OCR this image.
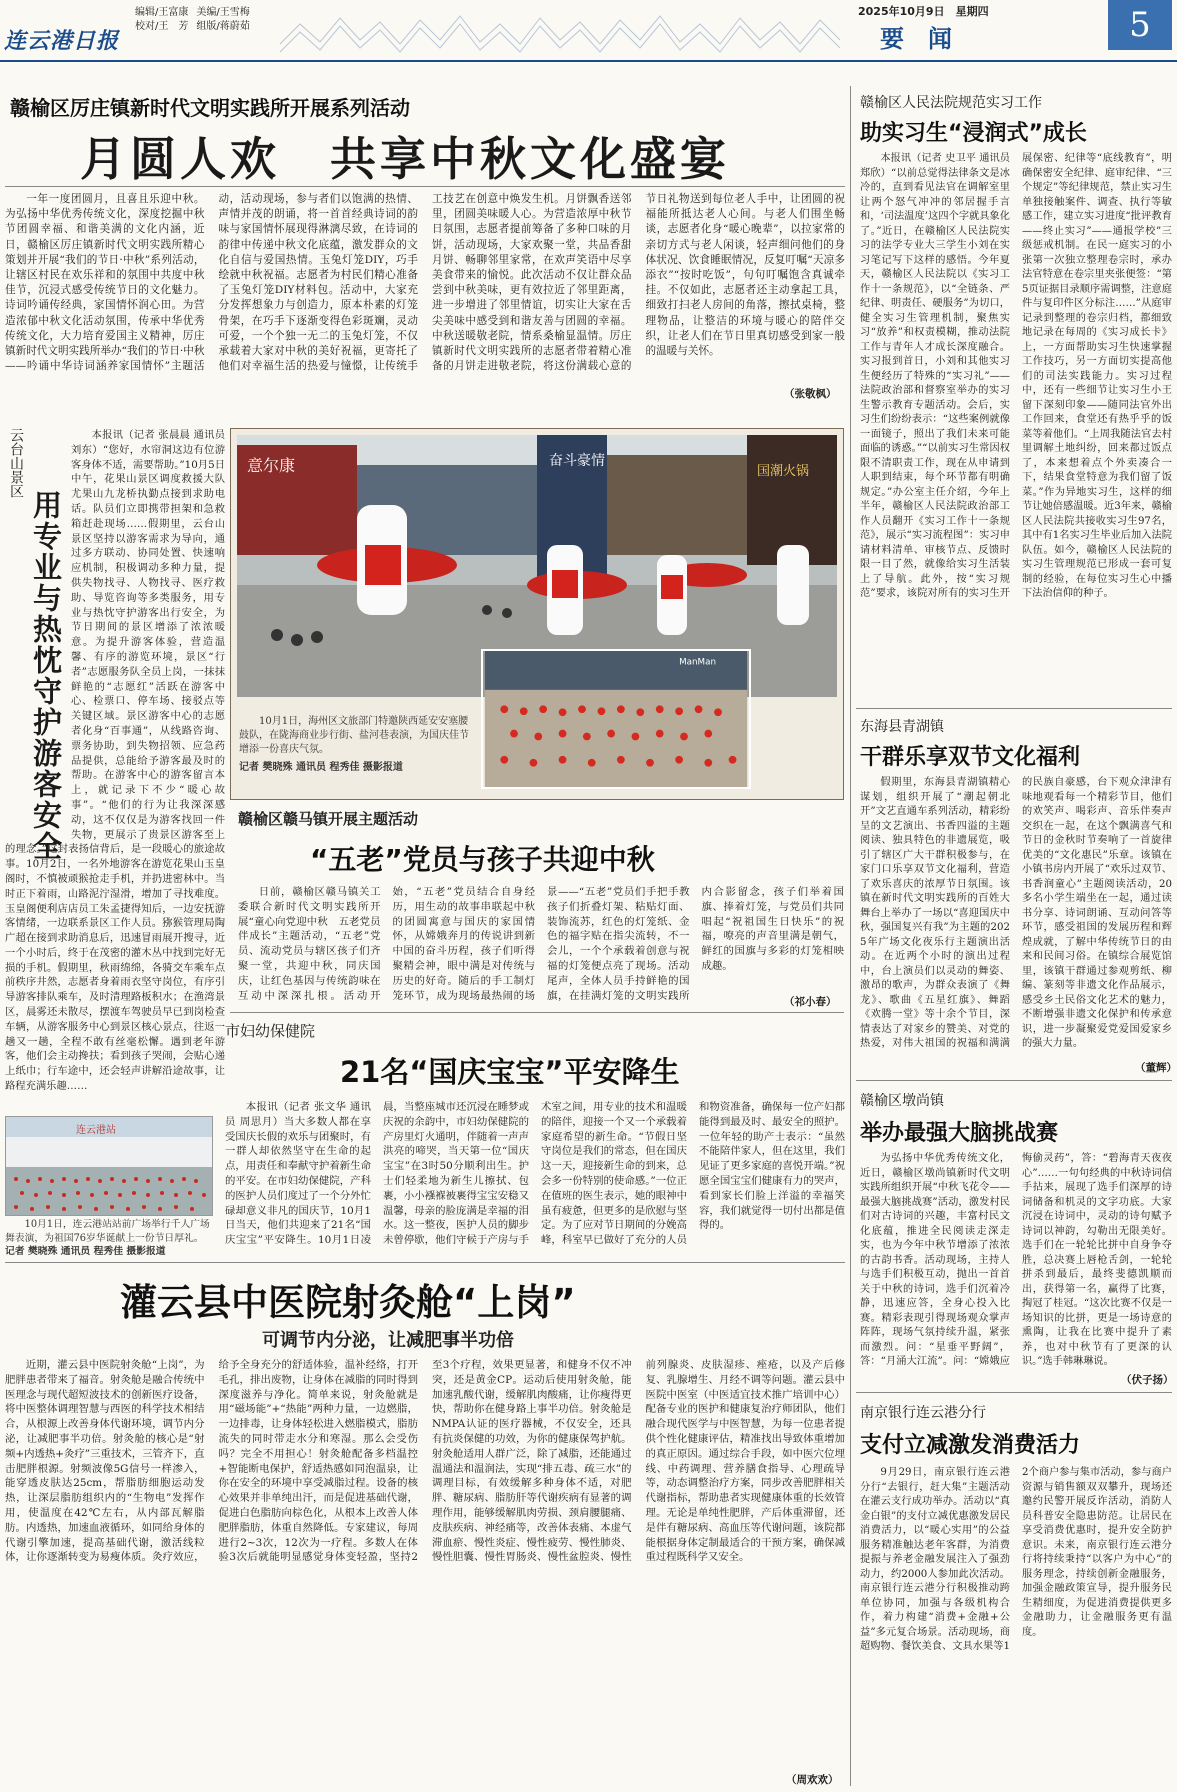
连云港日报
编辑/王富康 美编/王雪梅
校对/王　芳 组版/蒋蔚茹
2025年10月9日　星期四
要　闻	5
赣榆区厉庄镇新时代文明实践所开展系列活动
月圆人欢　共享中秋文化盛宴

一年一度团圆月，且喜且乐迎中秋。为弘扬中华优秀传统文化，深度挖掘中秋节团圆幸福、和谐美满的文化内涵，近日，赣榆区厉庄镇新时代文明实践所精心策划并开展“我们的节日·中秋”系列活动，让辖区村民在欢乐祥和的氛围中共度中秋佳节，沉浸式感受传统节日的文化魅力。诗词吟诵传经典，家国情怀润心田。为营造浓郁中秋文化活动氛围，传承中华优秀传统文化，大力培育爱国主义精神，厉庄镇新时代文明实践所举办“我们的节日·中秋——吟诵中华诗词涵养家国情怀”主题活动，活动现场，参与者们以饱满的热情、声情并茂的朗诵，将一首首经典诗词的韵味与家国情怀展现得淋漓尽致，在诗词的韵律中传递中秋文化底蕴，激发群众的文化自信与爱国热情。玉兔灯笼DIY，巧手绘就中秋祝福。志愿者为村民们精心准备了玉兔灯笼DIY材料包。活动中，大家充分发挥想象力与创造力，原本朴素的灯笼骨架，在巧手下逐渐变得色彩斑斓，灵动可爱，一个个独一无二的玉兔灯笼，不仅承载着大家对中秋的美好祝福，更寄托了他们对幸福生活的热爱与憧憬，让传统手工技艺在创意中焕发生机。月饼飘香送邻里，团圆美味暖人心。为营造浓厚中秋节日氛围，志愿者提前筹备了多种口味的月饼，活动现场，大家欢聚一堂，共品香甜月饼、畅聊邻里家常，在欢声笑语中尽享美食带来的愉悦。此次活动不仅让群众品尝到中秋美味，更有效拉近了邻里距离，进一步增进了邻里情谊，切实让大家在舌尖美味中感受到和谐友善与团圆的幸福。中秋送暖敬老院，情系桑榆显温情。厉庄镇新时代文明实践所的志愿者带着精心准备的月饼走进敬老院，将这份满载心意的节日礼物送到每位老人手中，让团圆的祝福能所抵达老人心间。与老人们围坐畅谈，志愿者化身“暖心晚辈”，以拉家常的亲切方式与老人闲谈，轻声细问他们的身体状况、饮食睡眠情况，反复叮嘱“天凉多添衣”“按时吃饭”，句句叮嘱饱含真诚牵挂。不仅如此，志愿者还主动拿起工具，细致打扫老人房间的角落，擦拭桌椅，整理物品，让整洁的环境与暖心的陪伴交织，让老人们在节日里真切感受到家一般的温暖与关怀。

（张敬枫）
云台山景区
用专业与热忱守护游客安全

本报讯（记者 张晨晨 通讯员 刘东）“您好，水帘洞这边有位游客身体不适，需要帮助。”10月5日中午，花果山景区调度救援大队尤果山九龙桥执勤点接到求助电话。队员们立即携带担架和急救箱赶赴现场……假期里，云台山景区坚持以游客需求为导向，通过多方联动、协同处置、快速响应机制，积极调动多种力量，提供失物找寻、人物找寻、医疗救助、导览咨询等多类服务，用专业与热忱守护游客出行安全，为节日期间的景区增添了浓浓暖意。为提升游客体验，营造温馨、有序的游览环境，景区“行者”志愿服务队全员上岗，一抹抹鲜艳的“志愿红”活跃在游客中心、检票口、停车场、接驳点等关键区域。景区游客中心的志愿者化身“百事通”，从线路咨询、票务协助，到失物招领、应急药品提供，总能给予游客最及时的帮助。在游客中心的游客留言本上，就记录下不少“暖心故事”。“他们的行为让我深深感动，这不仅仅是为游客找回一件失物，更展示了贵景区游客至上的理念。”这封表扬信背后，是一段暖心的旅途故事。10月2日，一名外地游客在游览花果山玉皇阁时，不慎被顽猴抢走手机，并扔进密林中。当时正下着雨，山路泥泞湿滑，增加了寻找难度。玉皇阁便利店店员工朱孟捷得知后，一边安抚游客情绪，一边联系景区工作人员。猕猴管理局陶广超在接到求助消息后，迅速冒雨展开搜寻，近一个小时后，终于在茂密的灌木丛中找到完好无损的手机。假期里，秋雨绵绵，各骑交车乘车点前秩序井然，志愿者身着雨衣坚守岗位，有序引导游客排队乘车，及时清理路板积水；在渔湾景区，晨雾还未散尽，摆渡车驾驶员早已到岗检查车辆，从游客服务中心到景区核心景点，往返一趟又一趟，全程不敢有丝毫松懈。遇到老年游客，他们会主动搀扶；看到孩子哭闹，会贴心递上纸巾；行车途中，还会轻声讲解沿途故事，让路程充满乐趣……

意尔康	奋斗豪情
国潮火锅
ManMan

10月1日，海州区文旅部门特邀陕西延安安塞腰鼓队，在陇海商业步行街、盐河巷表演，为国庆佳节增添一份喜庆气氛。

记者 樊晓殊 通讯员 程秀佳 摄影报道

赣榆区赣马镇开展主题活动
“五老”党员与孩子共迎中秋

日前，赣榆区赣马镇关工委联合新时代文明实践所开展“童心向党迎中秋　五老党员伴成长”主题活动，“五老”党员、流动党员与辖区孩子们齐聚一堂，共迎中秋，同庆国庆，让红色基因与传统韵味在互动中深深扎根。活动开始，“五老”党员结合自身经历，用生动的故事串联起中秋的团圆寓意与国庆的家国情怀，从嫦娥奔月的传说讲到新中国的奋斗历程，孩子们听得聚精会神，眼中满是对传统与历史的好奇。随后的手工制灯笼环节，成为现场最热闹的场景——“五老”党员们手把手教孩子们折叠灯架、粘贴灯面、装饰流苏，红色的灯笼纸、金色的福字贴在指尖流转，不一会儿，一个个承载着创意与祝福的灯笼便点亮了现场。活动尾声，全体人员手持鲜艳的国旗，在挂满灯笼的文明实践所内合影留念，孩子们举着国旗、捧着灯笼，与党员们共同唱起“祝祖国生日快乐”的祝福，嘹亮的声音里满是朝气，鲜红的国旗与多彩的灯笼相映成趣。

（祁小春）
市妇幼保健院
21名“国庆宝宝”平安降生

本报讯（记者 张文华 通讯员 周思月）当大多数人都在享受国庆长假的欢乐与团聚时，有一群人却依然坚守在生命的起点，用责任和奉献守护着新生命的平安。在市妇幼保健院，产科的医护人员们度过了一个分外忙碌却意义非凡的国庆节，10月1日当天，他们共迎来了21名“国庆宝宝”平安降生。10月1日凌晨，当整座城市还沉浸在睡梦或庆祝的余韵中，市妇幼保健院的产房里灯火通明，伴随着一声声洪亮的啼哭，当天第一位“国庆宝宝”在3时50分顺利出生。护士们轻柔地为新生儿擦拭、包裹，小小襁褓被裹得宝宝安稳又温馨，母亲的脸庞满是幸福的泪水。这一整夜，医护人员的脚步未曾停歇，他们守候于产房与手术室之间，用专业的技术和温暖的陪伴，迎接一个又一个承载着家庭希望的新生命。“节假日坚守岗位是我们的常态，但在国庆这一天，迎接新生命的到来，总会多一份特别的使命感。”一位正在值班的医生表示，她的眼神中虽有疲惫，但更多的是欣慰与坚定。为了应对节日期间的分娩高峰，科室早已做好了充分的人员和物资准备，确保每一位产妇都能得到最及时、最安全的照护。一位年轻的助产士表示：“虽然不能陪伴家人，但在这里，我们见证了更多家庭的喜悦开端。”祝愿全国宝宝们健康有力的哭声，看到家长们脸上洋溢的幸福笑容，我们就觉得一切付出都是值得的。

连云港站

10月1日，连云港站站前广场举行千人广场舞表演，为祖国76岁华诞献上一份节日厚礼。

记者 樊晓殊 通讯员 程秀佳 摄影报道

灌云县中医院射灸舱“上岗”
可调节内分泌，让减肥事半功倍

近期，灌云县中医院射灸舱“上岗”，为肥胖患者带来了福音。射灸舱是融合传统中医理念与现代超短波技术的创新医疗设备，将中医整体调理智慧与西医的科学技术相结合，从根源上改善身体代谢环境，调节内分泌，让减肥事半功倍。射灸舱的核心是“射频+内透热+灸疗”三重技术，三管齐下，直击肥胖根源。射频波像5G信号一样渗入，能穿透皮肤达25cm，帮脂肪细胞运动发热，让深层脂肪组织内的“生物电”发挥作用，使温度在42℃左右，从内部瓦解脂肪。内透热，加速血液循环，如同给身体的代谢引擎加速，提高基础代谢，激活线粒体，让你逐渐转变为易瘦体质。灸疗效应，给予全身充分的舒适体验，温补经络，打开毛孔，排出废物，让身体在减脂的同时得到深度滋养与净化。简单来说，射灸舱就是用“磁场能”+“热能”两种力量，一边燃脂，一边排毒，让身体轻松进入燃脂模式，脂肪流失的同时带走水分和寒湿。那么会受伤吗？完全不用担心！射灸舱配备多档温控+智能断电保护，舒适热感如同泡温泉，让你在安全的环境中享受减脂过程。设备的核心效果并非单纯出汗，而是促进基础代谢，促进白色脂肪向棕色化，从根本上改善人体肥胖脂肪，体重自然降低。专家建议，每周进行2~3次，12次为一疗程。多数人在体验3次后就能明显感觉身体变轻盈，坚持2至3个疗程，效果更显著，和健身不仅不冲突，还是黄金CP。运动后使用射灸舱，能加速乳酸代谢，缓解肌肉酸痛，让你瘦得更快，帮助你在健身路上事半功倍。射灸舱是NMPA认证的医疗器械，不仅安全，还具有抗炎保健的功效，为你的健康保驾护航。射灸舱适用人群广泛，除了减脂，还能通过温通法和温润法，实现“排五毒、疏三水”的调理目标，有效缓解多种身体不适，对肥胖、糖尿病、脂肪肝等代谢疾病有显著的调理作用，能够缓解肌肉劳损、颈肩腰腿痛、皮肤疾病、神经痛等，改善体表痛、本虚气滞血瘀、慢性炎症、慢性疲劳、慢性肺炎、慢性胆囊、慢性胃肠炎、慢性盆腔炎、慢性前列腺炎、皮肤湿疹、痤疮，以及产后修复、乳腺增生、月经不调等问题。灌云县中医院中医室（中医适宜技术推广培训中心）配备专业的医护和健康复治疗师团队，他们融合现代医学与中医智慧，为每一位患者提供个性化健康评估，精准找出导致体重增加的真正原因。通过综合手段，如中医穴位埋线、中药调理、营养膳食指导、心理疏导等，动态调整治疗方案，同步改善肥胖相关代谢指标，帮助患者实现健康体重的长效管理。无论是单纯性肥胖，产后体重滞留，还是伴有糖尿病、高血压等代谢问题，该院都能根据身体定制最适合的干预方案，确保减重过程既科学又安全。

（周欢欢）
赣榆区人民法院规范实习工作
助实习生“浸润式”成长

本报讯（记者 史卫平 通讯员 郑欣）“以前总觉得法律条文是冰冷的，直到看见法官在调解室里让两个怒气冲冲的邻居握手言和，‘司法温度’这四个字就具象化了。”近日，在赣榆区人民法院实习的法学专业大三学生小刘在实习笔记写下这样的感悟。今年夏天，赣榆区人民法院以《实习工作十一条规范》，以“全链条、严纪律、明责任、硬服务”为切口，健全实习生管理机制，聚焦实习“放养”和权责模糊，推动法院工作与青年人才成长深度融合。实习报到首日，小刘和其他实习生便经历了特殊的“实习礼”——法院政治部和督察室举办的实习生警示教育专题活动。会后，实习生们纷纷表示：“这些案例就像一面镜子，照出了我们未来可能面临的诱惑。”“以前实习生常因权限不清职责工作，现在从申请到人职到结束，每个环节都有明确规定。”办公室主任介绍，今年上半年，赣榆区人民法院政治部工作人员翻开《实习工作十一条规范》，展示“实习流程图”：实习申请材料清单、审核节点、反馈时限一目了然，就像给实习生活装上了导航。此外，按“实习规范”要求，该院对所有的实习生开展保密、纪律等“底线教育”，明确保密安全纪律、庭审纪律、“三个规定”等纪律规范，禁止实习生单独接触案件、调查、执行等敏感工作，建立实习进度“批评教育——终止实习”——通报学校”三级惩戒机制。在民一庭实习的小张第一次独立整理卷宗时，承办法官特意在卷宗里夹张便签：“第5页证据目录顺序需调整，注意庭件与复印件区分标注……”从庭审记录到整理的卷宗归档，都细致地记录在每周的《实习成长卡》上，一方面帮助实习生快速掌握工作技巧，另一方面切实提高他们的司法实践能力。实习过程中，还有一些细节让实习生小王留下深刻印象——随同法官外出工作回来，食堂还有热乎乎的饭菜等着他们。“上周我随法官去村里调解土地纠纷，回来都过饭点了，本来想着点个外卖凑合一下，结果食堂特意为我们留了饭菜。”作为异地实习生，这样的细节让她倍感温暖。近3年来，赣榆区人民法院共接收实习生97名，其中有1名实习生毕业后加入法院队伍。如今，赣榆区人民法院的实习生管理规范已形成一套可复制的经验，在每位实习生心中播下法治信仰的种子。

东海县青湖镇
干群乐享双节文化福利

假期里，东海县青湖镇精心谋划，组织开展了“潮起朝北开”文艺直通车系列活动，精彩纷呈的文艺演出、书香四溢的主题阅读、独具特色的非遗展览，吸引了辖区广大干群积极参与，在家门口乐享双节文化福利，营造了欢乐喜庆的浓厚节日氛围。该镇在新时代文明实践所的百姓大舞台上举办了一场以“喜迎国庆中秋，强国复兴有我”为主题的2025年广场文化夜乐行主题演出活动。在近两个小时的演出过程中，台上演员们以灵动的舞姿、激昂的歌声，为群众表演了《舞龙》、歌曲《五星红旗》、舞蹈《欢腾一堂》等十余个节目，深情表达了对家乡的赞美、对党的热爱，对伟大祖国的祝福和满满的民族自豪感，台下观众津津有味地观看每一个精彩节目，他们的欢笑声、喝彩声、音乐伴奏声交织在一起，在这个飘满喜气和节日的金秋时节奏响了一首旋律优美的“文化惠民”乐章。该镇在小镇书房内开展了“欢乐过双节、书香润童心”主题阅读活动，20多名小学生端坐在一起，通过读书分享、诗词朗诵、互动问答等环节，感受祖国的发展历程和辉煌成就，了解中华传统节日的由来和民间习俗。在镇综合展览馆里，该镇干群通过参观剪纸、柳编、篆刻等非遗文化作品展示，感受乡土民俗文化艺术的魅力，不断增强非遗文化保护和传承意识，进一步凝聚爱党爱国爱家乡的强大力量。

（董辉）
赣榆区墩尚镇
举办最强大脑挑战赛

为弘扬中华优秀传统文化，近日，赣榆区墩尚镇新时代文明实践所组织开展“中秋飞花令——最强大脑挑战赛”活动，激发村民们对古诗词的兴趣，丰富村民文化底蕴，推进全民阅读走深走实，也为今年中秋节增添了浓浓的古韵书香。活动现场，主持人与选手们积极互动，抛出一首首关于中秋的诗词，选手们沉着冷静，迅速应答，全身心投入比赛。精彩表现引得现场观众掌声阵阵，现场气氛持续升温，紧张而激烈。问：“星垂平野阔”，答：“月涌大江流”。问：“嫦娥应悔偷灵药”，答：“碧海青天夜夜心”……一句句经典的中秋诗词信手拈来，展现了选手们深厚的诗词储备和机灵的文字功底。大家沉浸在诗词中，灵动的诗句赋予诗词以神韵，勾勒出无限美好。选手们在一轮轮比拼中自身争夺胜，总决赛上唇枪舌剑，一轮轮拼杀到最后，最终斐德凯顺而出，获得第一名，赢得了比赛，掏冠了桂冠。“这次比赛不仅是一场知识的比拼，更是一场诗意的熏陶，让我在比赛中提升了素养，也对中秋节有了更深的认识。”选手韩琳琳说。

（伏子扬）
南京银行连云港分行
支付立减激发消费活力

9月29日，南京银行连云港分行“去银行，赶大集”主题活动在灌云支行成功举办。活动以“真金白银”的支付立减优惠激发居民消费活力，以“暖心实用”的公益服务精准触达老年客群，为消费提振与养老金融发展注入了强劲动力，约2000人参加此次活动。南京银行连云港分行积极推动跨单位协同，加强与各级机构合作，着力构建“消费+金融+公益”多元复合场景。活动现场，商超购物、餐饮美食、文具水果等12个商户参与集市活动，参与商户资源与销售额双双攀升，现场还邀约民警开展反诈活动，消防人员科普安全隐患防范。让居民在享受消费优惠时，提升安全防护意识。未来，南京银行连云港分行将持续秉持“以客户为中心”的服务理念，持续创新金融服务，加强金融政策宣导，提升服务民生精细度，为促进消费提供更多金融助力，让金融服务更有温度。
